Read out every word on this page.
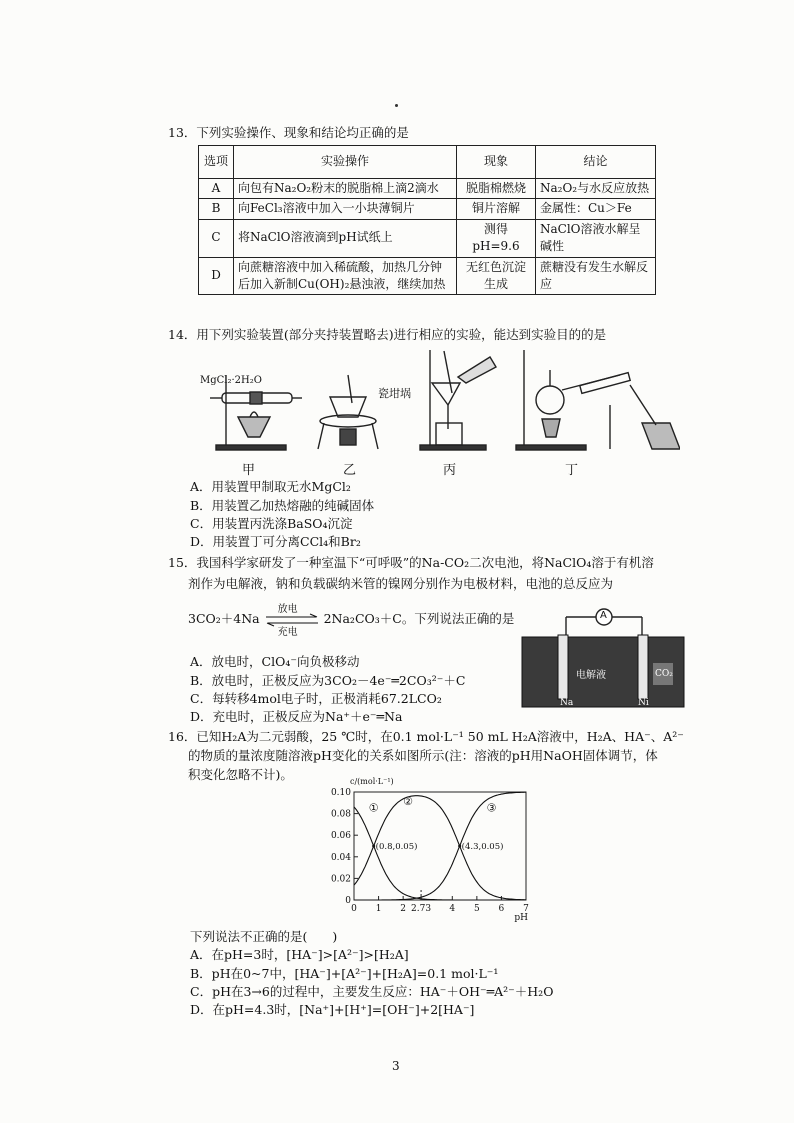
13．下列实验操作、现象和结论均正确的是
选项	实验操作	现象	结论
A	向包有Na₂O₂粉末的脱脂棉上滴2滴水	脱脂棉燃烧	Na₂O₂与水反应放热
B	向FeCl₃溶液中加入一小块薄铜片	铜片溶解	金属性：Cu＞Fe
C	将NaClO溶液滴到pH试纸上	测得pH=9.6	NaClO溶液水解呈碱性
D	向蔗糖溶液中加入稀硫酸，加热几分钟后加入新制Cu(OH)₂悬浊液，继续加热	无红色沉淀生成	蔗糖没有发生水解反应
14．用下列实验装置(部分夹持装置略去)进行相应的实验，能达到实验目的的是
MgCl₂·2H₂O
瓷坩埚
甲	乙	丙	丁
A．用装置甲制取无水MgCl₂
B．用装置乙加热熔融的纯碱固体
C．用装置丙洗涤BaSO₄沉淀
D．用装置丁可分离CCl₄和Br₂
15．我国科学家研发了一种室温下“可呼吸”的Na-CO₂二次电池，将NaClO₄溶于有机溶
剂作为电解液，钠和负载碳纳米管的镍网分别作为电极材料，电池的总反应为
3CO₂＋4Na
放电
充电
2Na₂CO₃＋C。下列说法正确的是	A
电解液	CO₂
Na	Ni
A．放电时，ClO₄⁻向负极移动
B．放电时，正极反应为3CO₂－4e⁻═2CO₃²⁻＋C
C．每转移4mol电子时，正极消耗67.2LCO₂
D．充电时，正极反应为Na⁺＋e⁻═Na
16．已知H₂A为二元弱酸，25 ℃时，在0.1 mol·L⁻¹ 50 mL H₂A溶液中，H₂A、HA⁻、A²⁻
的物质的量浓度随溶液pH变化的关系如图所示(注：溶液的pH用NaOH固体调节，体
积变化忽略不计)。	c/(mol·L⁻¹)
pH
0.10
0.08
0.06
0.04
0.02
0
0 1 2 2.73 4 5 6 7
① ②	③
(0.8,0.05)	(4.3,0.05)
下列说法不正确的是(　　)
A．在pH=3时，[HA⁻]>[A²⁻]>[H₂A]
B．pH在0~7中，[HA⁻]+[A²⁻]+[H₂A]=0.1 mol·L⁻¹
C．pH在3→6的过程中，主要发生反应：HA⁻＋OH⁻═A²⁻＋H₂O
D．在pH=4.3时，[Na⁺]+[H⁺]=[OH⁻]+2[HA⁻]
3
